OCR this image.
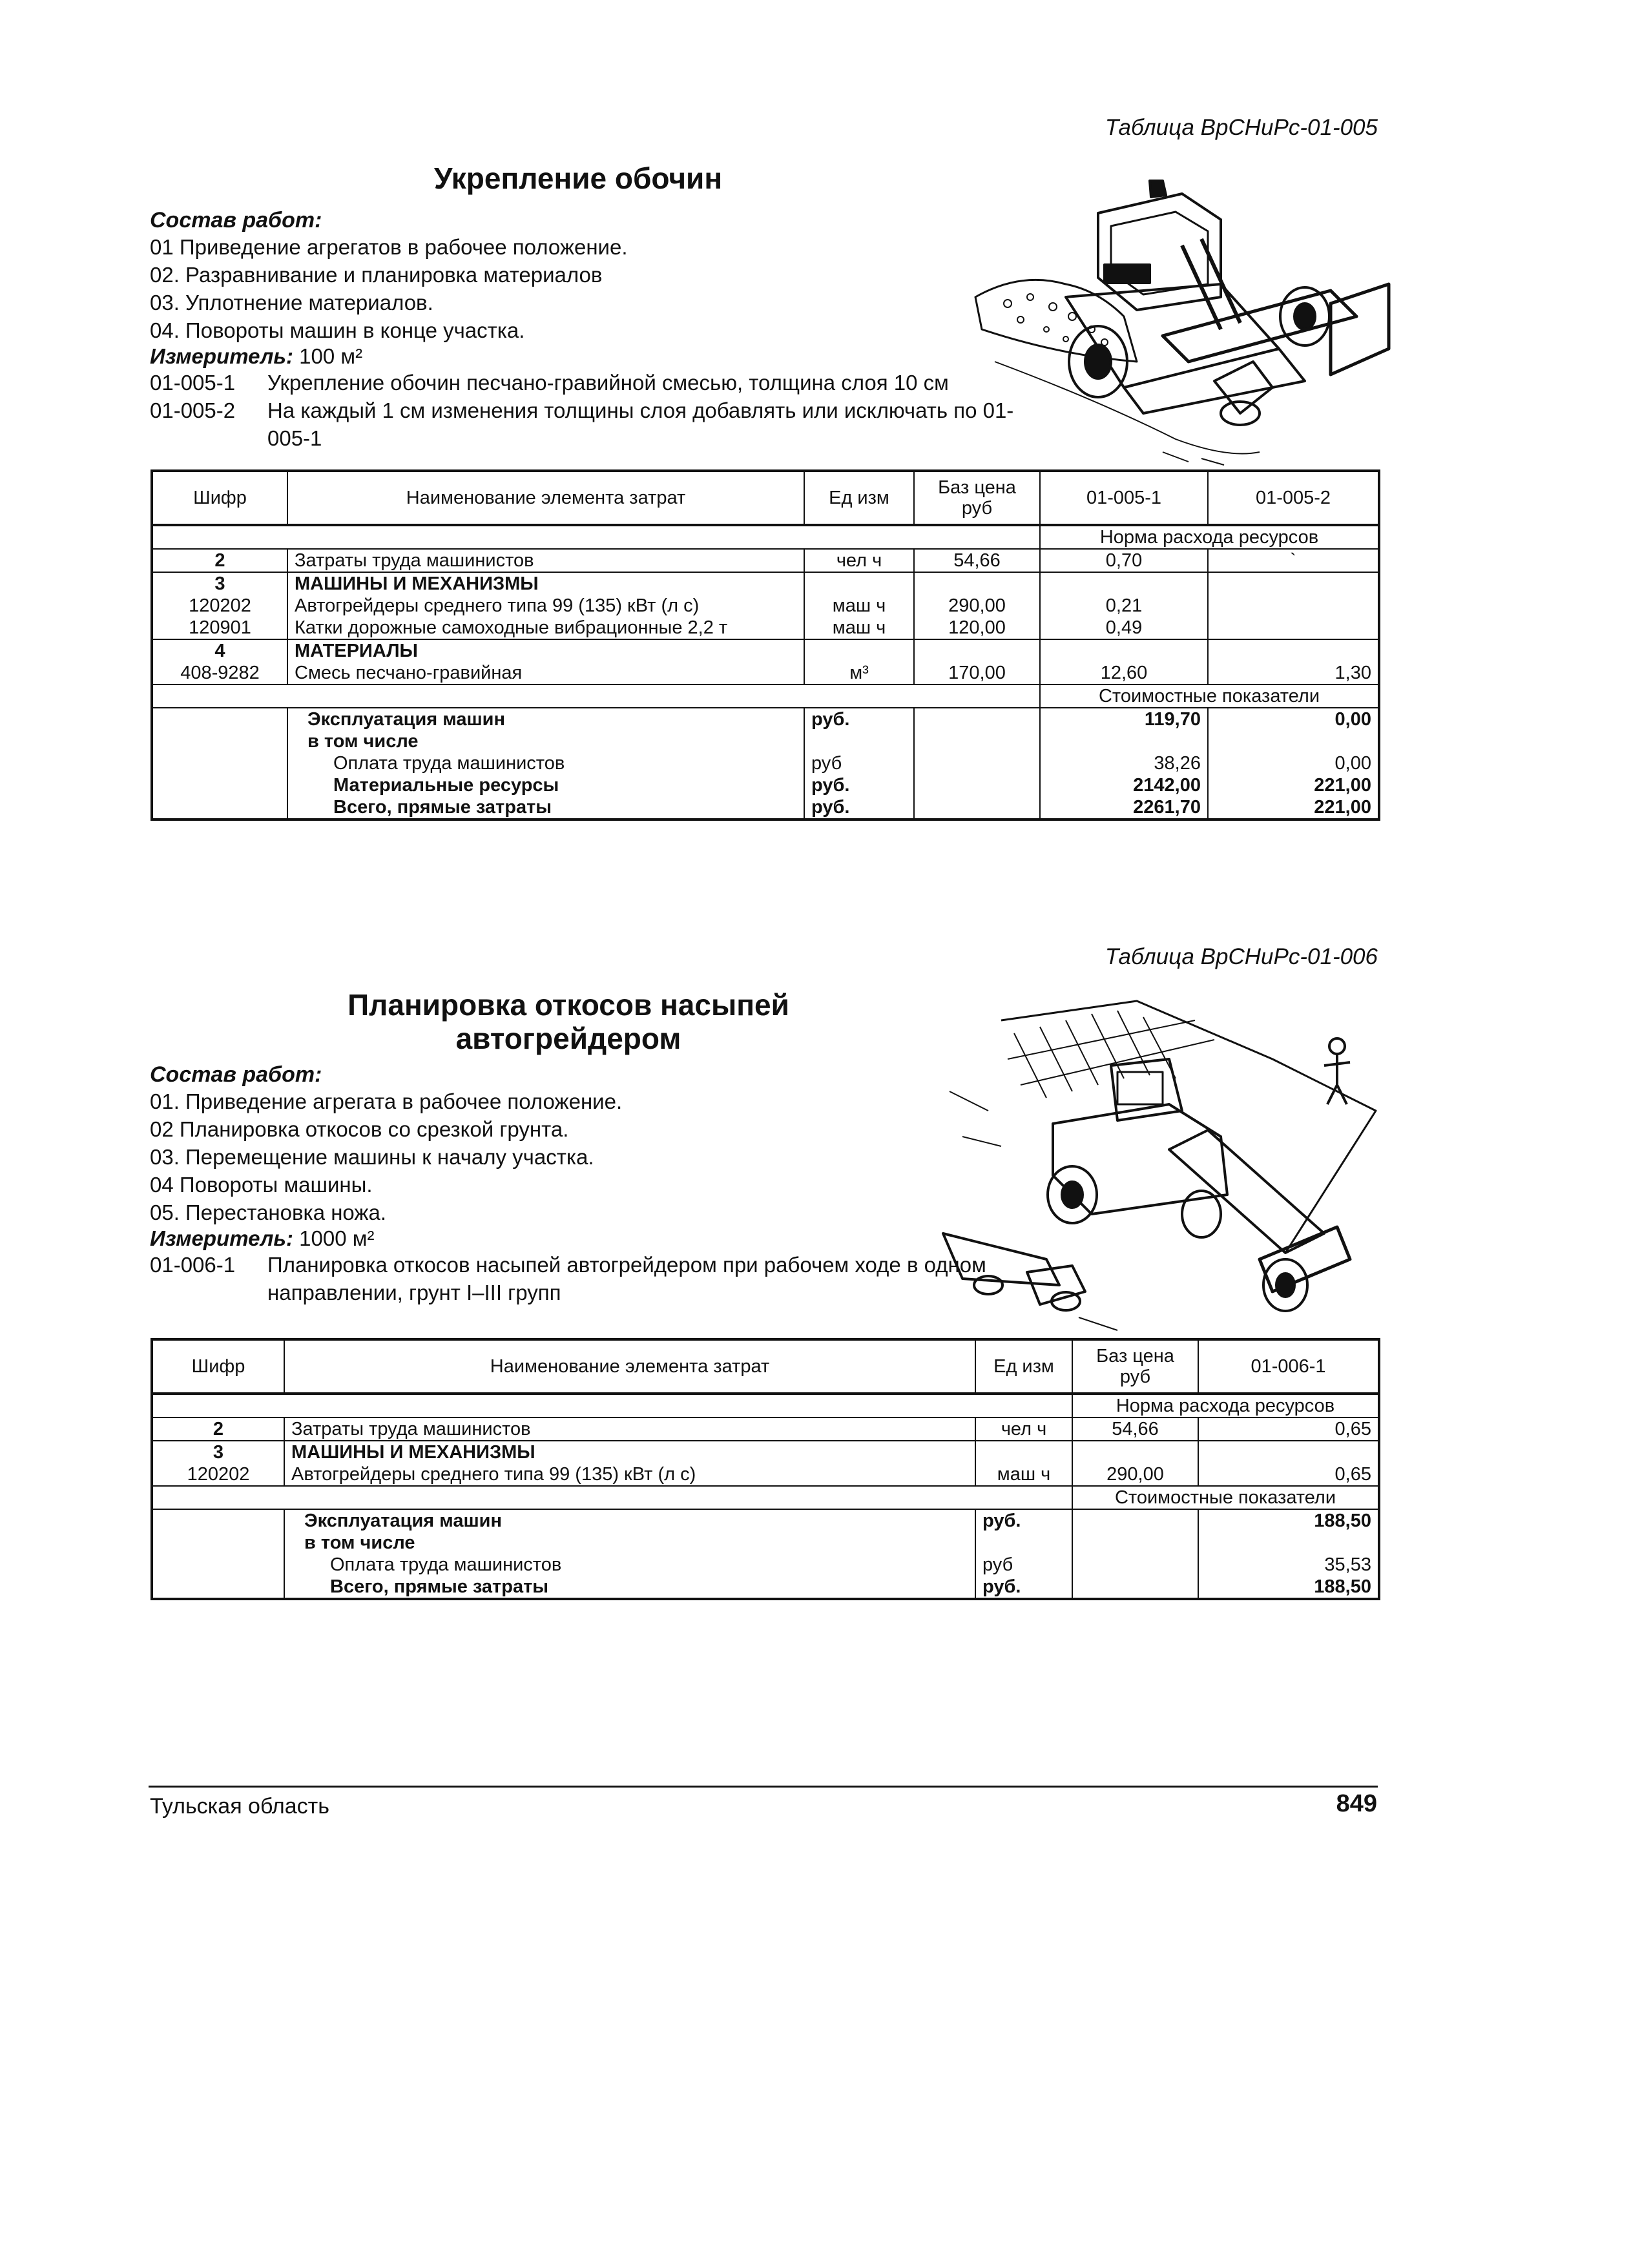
Таблица ВрСНиРс-01-005
Укрепление обочин
Состав работ:
01 Приведение агрегатов в рабочее положение.
02. Разравнивание и планировка материалов
03. Уплотнение материалов.
04. Повороты машин в конце участка.
Измеритель: 100 м²
01-005-1	Укрепление обочин песчано-гравийной смесью, толщина слоя 10 см
01-005-2	На каждый 1 см изменения толщины слоя добавлять или исключать по 01-005-1
Шифр	Наименование элемента затрат	Ед изм	Баз цена руб	01-005-1	01-005-2
				Норма расхода ресурсов	
2	Затраты труда машинистов	чел ч	54,66	0,70	`
3	МАШИНЫ И МЕХАНИЗМЫ				
120202	Автогрейдеры среднего типа 99 (135) кВт (л с)	маш ч	290,00	0,21	
120901	Катки дорожные самоходные вибрационные 2,2 т	маш ч	120,00	0,49	
4	МАТЕРИАЛЫ				
408-9282	Смесь песчано-гравийная	м³	170,00	12,60	1,30
				Стоимостные показатели	
	Эксплуатация машин	руб.		119,70	0,00
	в том числе				
	Оплата труда машинистов	руб		38,26	0,00
	Материальные ресурсы	руб.		2142,00	221,00
	Всего, прямые затраты	руб.		2261,70	221,00
Таблица ВрСНиРс-01-006
Планировка откосов насыпей
автогрейдером
Состав работ:
01. Приведение агрегата в рабочее положение.
02 Планировка откосов со срезкой грунта.
03. Перемещение машины к началу участка.
04 Повороты машины.
05. Перестановка ножа.
Измеритель: 1000 м²
01-006-1	Планировка откосов насыпей автогрейдером при рабочем ходе в одном направлении, грунт I–III групп
Шифр	Наименование элемента затрат	Ед изм	Баз цена руб	01-006-1
			Норма расхода ресурсов	
2	Затраты труда машинистов	чел ч	54,66	0,65
3	МАШИНЫ И МЕХАНИЗМЫ			
120202	Автогрейдеры среднего типа 99 (135) кВт (л с)	маш ч	290,00	0,65
			Стоимостные показатели	
	Эксплуатация машин	руб.		188,50
	в том числе			
	Оплата труда машинистов	руб		35,53
	Всего, прямые затраты	руб.		188,50
Тульская область	849
